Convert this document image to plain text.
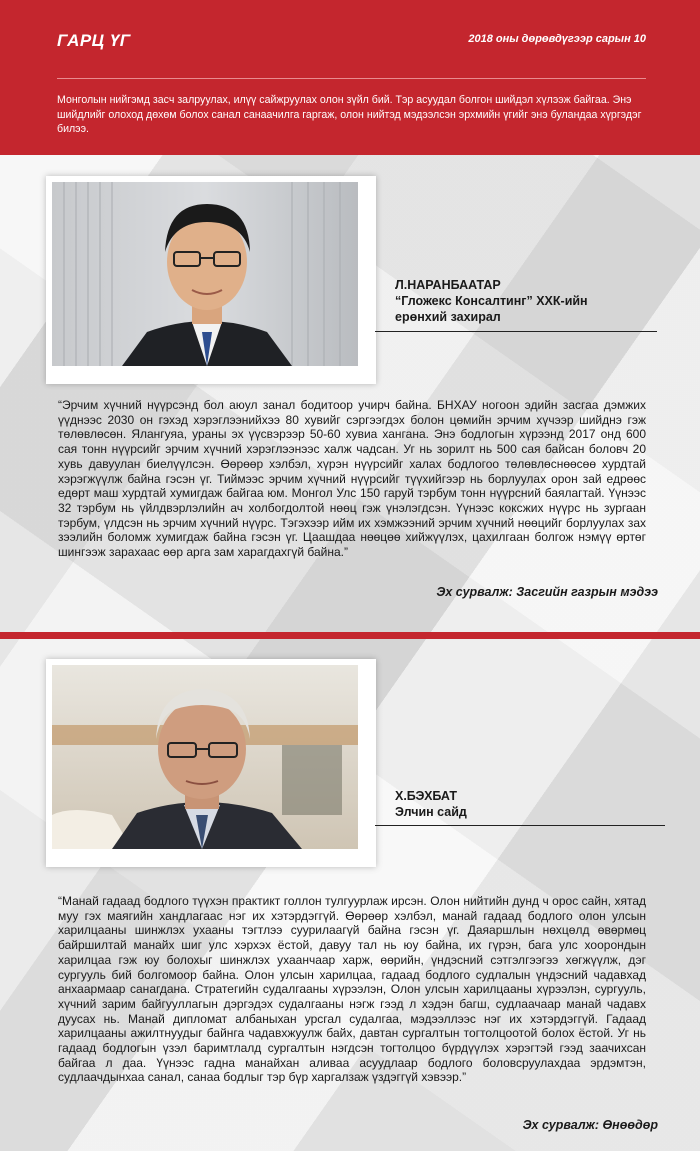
ГАРЦ ҮГ	2018 оны дөрөвдүгээр сарын 10
Монголын нийгэмд засч залруулах, илүү сайжруулах олон зүйл бий. Тэр асуудал болгон шийдэл хүлээж байгаа. Энэ шийдлийг олоход дөхөм болох санал санаачилга гаргаж, олон нийтэд мэдээлсэн эрхмийн үгийг энэ буландаа хүргэдэг билээ.
Л.НАРАНБААТАР
“Гложекс Консалтинг” ХХК-ийн
ерөнхий захирал
“Эрчим хүчний нүүрсэнд бол аюул занал бодитоор учирч байна. БНХАУ ногоон эдийн засгаа дэмжих үүднээс 2030 он гэхэд хэрэглээнийхээ 80 хувийг сэргээгдэх болон цөмийн эрчим хүчээр шийднэ гэж төлөвлөсөн. Ялангуяа, ураны эх үүсвэрээр 50-60 хувиа хангана. Энэ бодлогын хүрээнд 2017 онд 600 сая тонн нүүрсийг эрчим хүчний хэрэглээнээс халж чадсан. Уг нь зорилт нь 500 сая байсан боловч 20 хувь давуулан биелүүлсэн. Өөрөөр хэлбэл, хүрэн нүүрсийг халах бодлогоо төлөвлөснөөсөө хурдтай хэрэгжүүлж байна гэсэн үг. Тиймээс эрчим хүчний нүүрсийг түүхийгээр нь борлуулах орон зай едрөөс едөрт маш хурдтай хумигдаж байгаа юм. Монгол Улс 150 гаруй тэрбум тонн нүүрсний баялагтай. Үүнээс 32 тэрбум нь үйлдвэрлэлийн ач холбогдолтой нөөц гэж үнэлэгдсэн. Үүнээс коксжих нүүрс нь зургаан тэрбум, үлдсэн нь эрчим хүчний нүүрс. Тэгэхээр ийм их хэмжээний эрчим хүчний нөөцийг борлуулах зах зээлийн боломж хумигдаж байна гэсэн үг. Цаашдаа нөөцөө хийжүүлэх, цахилгаан болгож нэмүү өртөг шингээж зарахаас өөр арга зам харагдахгүй байна.”
Эх сурвалж: Засгийн газрын мэдээ
Х.БЭХБАТ
Элчин сайд
“Манай гадаад бодлого түүхэн практикт голлон тулгуурлаж ирсэн. Олон нийтийн дунд ч орос сайн, хятад муу гэх маягийн хандлагаас нэг их хэтэрдэггүй. Өөрөөр хэлбэл, манай гадаад бодлого олон улсын харилцааны шинжлэх ухааны тэгтлээ суурилаагүй байна гэсэн үг. Даяаршлын нөхцөлд өвөрмөц байршилтай манайх шиг улс хэрхэх ёстой, давуу тал нь юу байна, их гүрэн, бага улс хоорондын харилцаа гэж юу болохыг шинжлэх ухаанчаар харж, өөрийн, үндэсний сэтгэлгээгээ хөгжүүлж, дэг сургууль бий болгомоор байна. Олон улсын харилцаа, гадаад бодлого судлалын үндэсний чадавхад анхаармаар санагдана. Стратегийн судалгааны хүрээлэн, Олон улсын харилцааны хүрээлэн, сургууль, хүчний зарим байгууллагын дэргэдэх судалгааны нэгж гээд л хэдэн багш, судлаачаар манай чадавх дуусах нь. Манай дипломат албаныхан урсгал судалгаа, мэдээллээс нэг их хэтэрдэггүй. Гадаад харилцааны ажилтнуудыг байнга чадавхжуулж байх, давтан сургалтын тогтолцоотой болох ёстой. Уг нь гадаад бодлогын үзэл баримтлалд сургалтын нэгдсэн тогтолцоо бүрдүүлэх хэрэгтэй гээд заачихсан байгаа л даа. Үүнээс гадна манайхан аливаа асуудлаар бодлого боловсруулахдаа эрдэмтэн, судлаачдынхаа санал, санаа бодлыг тэр бүр харгалзаж үздэггүй хэвээр.”
Эх сурвалж: Өнөөдөр
